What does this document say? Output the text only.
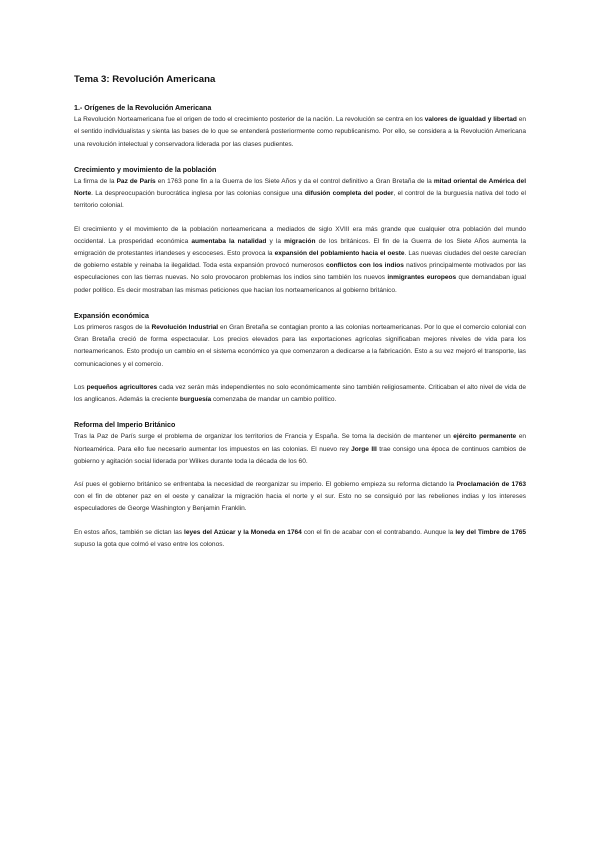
Tema 3: Revolución Americana
1.- Orígenes de la Revolución Americana

La Revolución Norteamericana fue el origen de todo el crecimiento posterior de la nación. La revolución se centra en los valores de igualdad y libertad en el sentido individualistas y sienta las bases de lo que se entenderá posteriormente como republicanismo. Por ello, se considera a la Revolución Americana una revolución intelectual y conservadora liderada por las clases pudientes.

Crecimiento y movimiento de la población

La firma de la Paz de París en 1763 pone fin a la Guerra de los Siete Años y da el control definitivo a Gran Bretaña de la mitad oriental de América del Norte. La despreocupación burocrática inglesa por las colonias consigue una difusión completa del poder, el control de la burguesía nativa del todo el territorio colonial.

El crecimiento y el movimiento de la población norteamericana a mediados de siglo XVIII era más grande que cualquier otra población del mundo occidental. La prosperidad económica aumentaba la natalidad y la migración de los británicos. El fin de la Guerra de los Siete Años aumenta la emigración de protestantes irlandeses y escoceses. Esto provoca la expansión del poblamiento hacia el oeste. Las nuevas ciudades del oeste carecían de gobierno estable y reinaba la ilegalidad. Toda esta expansión provocó numerosos conflictos con los indios nativos principalmente motivados por las especulaciones con las tierras nuevas. No solo provocaron problemas los indios sino también los nuevos inmigrantes europeos que demandaban igual poder político. Es decir mostraban las mismas peticiones que hacían los norteamericanos al gobierno británico.

Expansión económica

Los primeros rasgos de la Revolución Industrial en Gran Bretaña se contagian pronto a las colonias norteamericanas. Por lo que el comercio colonial con Gran Bretaña creció de forma espectacular. Los precios elevados para las exportaciones agrícolas significaban mejores niveles de vida para los norteamericanos. Esto produjo un cambio en el sistema económico ya que comenzaron a dedicarse a la fabricación. Esto a su vez mejoró el transporte, las comunicaciones y el comercio.

Los pequeños agricultores cada vez serán más independientes no solo económicamente sino también religiosamente. Criticaban el alto nivel de vida de los anglicanos. Además la creciente burguesía comenzaba de mandar un cambio político.

Reforma del Imperio Británico

Tras la Paz de París surge el problema de organizar los territorios de Francia y España. Se toma la decisión de mantener un ejército permanente en Norteamérica. Para ello fue necesario aumentar los impuestos en las colonias. El nuevo rey Jorge III trae consigo una época de continuos cambios de gobierno y agitación social liderada por Wilkes durante toda la década de los 60.

Así pues el gobierno británico se enfrentaba la necesidad de reorganizar su imperio. El gobierno empieza su reforma dictando la Proclamación de 1763 con el fin de obtener paz en el oeste y canalizar la migración hacia el norte y el sur. Esto no se consiguió por las rebeliones indias y los intereses especuladores de George Washington y Benjamin Franklin.

En estos años, también se dictan las leyes del Azúcar y la Moneda en 1764 con el fin de acabar con el contrabando. Aunque la ley del Timbre de 1765 supuso la gota que colmó el vaso entre los colonos.
